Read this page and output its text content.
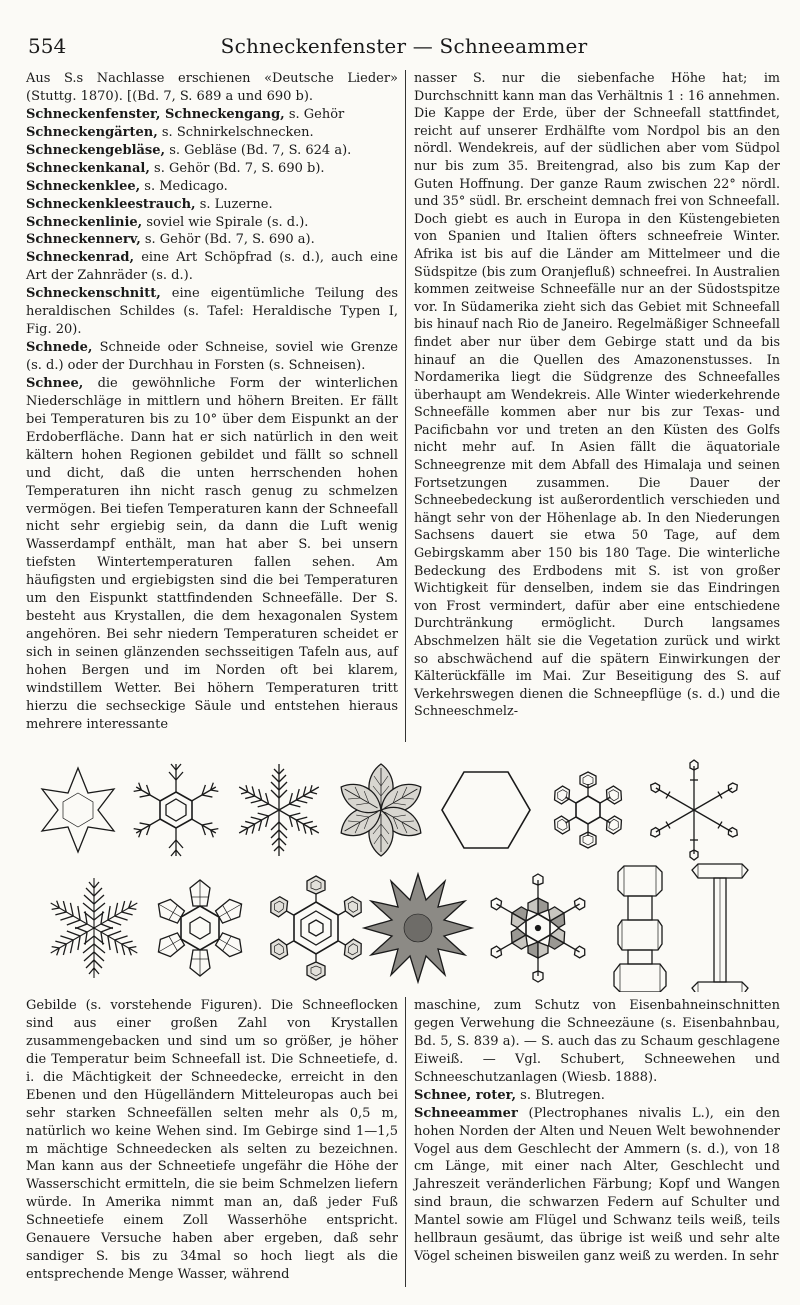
554	Schneckenfenster — Schneeammer

Aus S.s Nachlasse erschienen «Deutsche Lieder» (Stuttg. 1870). [(Bd. 7, S. 689 a und 690 b).

Schneckenfenster, Schneckengang, s. Gehör

Schneckengärten, s. Schnirkelschnecken.

Schneckengebläse, s. Gebläse (Bd. 7, S. 624 a).

Schneckenkanal, s. Gehör (Bd. 7, S. 690 b).

Schneckenklee, s. Medicago.

Schneckenkleestrauch, s. Luzerne.

Schneckenlinie, soviel wie Spirale (s. d.).

Schneckennerv, s. Gehör (Bd. 7, S. 690 a).

Schneckenrad, eine Art Schöpfrad (s. d.), auch eine Art der Zahnräder (s. d.).

Schneckenschnitt, eine eigentümliche Teilung des heraldischen Schildes (s. Tafel: Heraldische Typen I, Fig. 20).

Schnede, Schneide oder Schneise, soviel wie Grenze (s. d.) oder der Durchhau in Forsten (s. Schneisen).

Schnee, die gewöhnliche Form der winterlichen Niederschläge in mittlern und höhern Breiten. Er fällt bei Temperaturen bis zu 10° über dem Eispunkt an der Erdoberfläche. Dann hat er sich natürlich in den weit kältern hohen Regionen gebildet und fällt so schnell und dicht, daß die unten herrschenden hohen Temperaturen ihn nicht rasch genug zu schmelzen vermögen. Bei tiefen Temperaturen kann der Schneefall nicht sehr ergiebig sein, da dann die Luft wenig Wasserdampf enthält, man hat aber S. bei unsern tiefsten Wintertemperaturen fallen sehen. Am häufigsten und ergiebigsten sind die bei Temperaturen um den Eispunkt stattfindenden Schneefälle. Der S. besteht aus Krystallen, die dem hexagonalen System angehören. Bei sehr niedern Temperaturen scheidet er sich in seinen glänzenden sechsseitigen Tafeln aus, auf hohen Bergen und im Norden oft bei klarem, windstillem Wetter. Bei höhern Temperaturen tritt hierzu die sechseckige Säule und entstehen hieraus mehrere interessante

nasser S. nur die siebenfache Höhe hat; im Durchschnitt kann man das Verhältnis 1 : 16 annehmen. Die Kappe der Erde, über der Schneefall stattfindet, reicht auf unserer Erdhälfte vom Nordpol bis an den nördl. Wendekreis, auf der südlichen aber vom Südpol nur bis zum 35. Breitengrad, also bis zum Kap der Guten Hoffnung. Der ganze Raum zwischen 22° nördl. und 35° südl. Br. erscheint demnach frei von Schneefall. Doch giebt es auch in Europa in den Küstengebieten von Spanien und Italien öfters schneefreie Winter. Afrika ist bis auf die Länder am Mittelmeer und die Südspitze (bis zum Oranjefluß) schneefrei. In Australien kommen zeitweise Schneefälle nur an der Südostspitze vor. In Südamerika zieht sich das Gebiet mit Schneefall bis hinauf nach Rio de Janeiro. Regelmäßiger Schneefall findet aber nur über dem Gebirge statt und da bis hinauf an die Quellen des Amazonenstusses. In Nordamerika liegt die Südgrenze des Schneefalles überhaupt am Wendekreis. Alle Winter wiederkehrende Schneefälle kommen aber nur bis zur Texas- und Pacificbahn vor und treten an den Küsten des Golfs nicht mehr auf. In Asien fällt die äquatoriale Schneegrenze mit dem Abfall des Himalaja und seinen Fortsetzungen zusammen. Die Dauer der Schneebedeckung ist außerordentlich verschieden und hängt sehr von der Höhenlage ab. In den Niederungen Sachsens dauert sie etwa 50 Tage, auf dem Gebirgskamm aber 150 bis 180 Tage. Die winterliche Bedeckung des Erdbodens mit S. ist von großer Wichtigkeit für denselben, indem sie das Eindringen von Frost vermindert, dafür aber eine entschiedene Durchtränkung ermöglicht. Durch langsames Abschmelzen hält sie die Vegetation zurück und wirkt so abschwächend auf die spätern Einwirkungen der Kälterückfälle im Mai. Zur Beseitigung des S. auf Verkehrswegen dienen die Schneepflüge (s. d.) und die Schneeschmelz-

Gebilde (s. vorstehende Figuren). Die Schneeflocken sind aus einer großen Zahl von Krystallen zusammengebacken und sind um so größer, je höher die Temperatur beim Schneefall ist. Die Schneetiefe, d. i. die Mächtigkeit der Schneedecke, erreicht in den Ebenen und den Hügelländern Mitteleuropas auch bei sehr starken Schneefällen selten mehr als 0,5 m, natürlich wo keine Wehen sind. Im Gebirge sind 1—1,5 m mächtige Schneedecken als selten zu bezeichnen. Man kann aus der Schneetiefe ungefähr die Höhe der Wasserschicht ermitteln, die sie beim Schmelzen liefern würde. In Amerika nimmt man an, daß jeder Fuß Schneetiefe einem Zoll Wasserhöhe entspricht. Genauere Versuche haben aber ergeben, daß sehr sandiger S. bis zu 34mal so hoch liegt als die entsprechende Menge Wasser, während

maschine, zum Schutz von Eisenbahneinschnitten gegen Verwehung die Schneezäune (s. Eisenbahnbau, Bd. 5, S. 839 a). — S. auch das zu Schaum geschlagene Eiweiß. — Vgl. Schubert, Schneewehen und Schneeschutzanlagen (Wiesb. 1888).

Schnee, roter, s. Blutregen.

Schneeammer (Plectrophanes nivalis L.), ein den hohen Norden der Alten und Neuen Welt bewohnender Vogel aus dem Geschlecht der Ammern (s. d.), von 18 cm Länge, mit einer nach Alter, Geschlecht und Jahreszeit veränderlichen Färbung; Kopf und Wangen sind braun, die schwarzen Federn auf Schulter und Mantel sowie am Flügel und Schwanz teils weiß, teils hellbraun gesäumt, das übrige ist weiß und sehr alte Vögel scheinen bisweilen ganz weiß zu werden. In sehr
